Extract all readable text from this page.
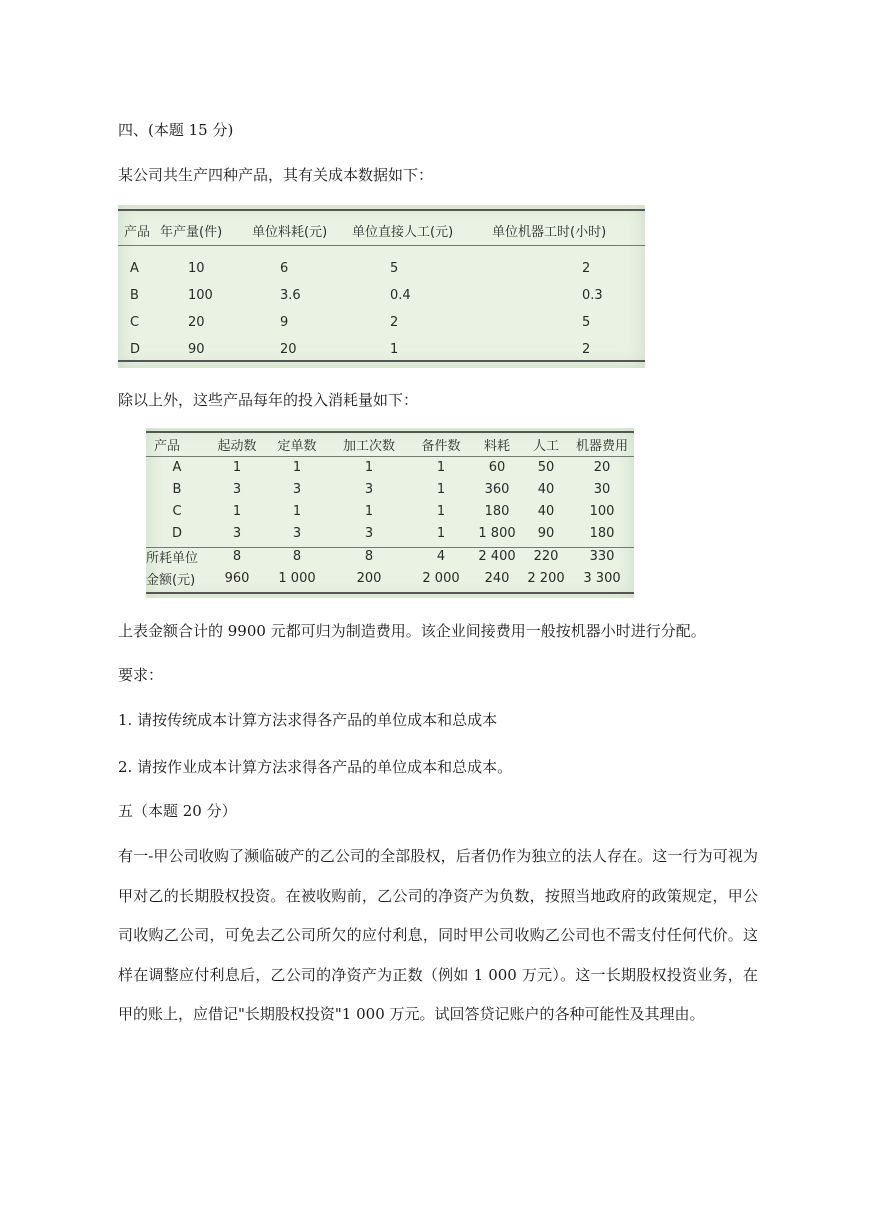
四、(本题 15 分)
某公司共生产四种产品，其有关成本数据如下：
产品	年产量(件)	单位料耗(元)	单位直接人工(元)	单位机器工时(小时)

A	10	6	5	2
B	100	3.6	0.4	0.3
C	20	9	2	5
D	90	20	1	2
除以上外，这些产品每年的投入消耗量如下：
产品	起动数	定单数	加工次数	备件数	料耗	人工	机器费用
A	1	1	1	1	60	50	20
B	3	3	3	1	360	40	30
C	1	1	1	1	180	40	100
D	3	3	3	1	1 800	90	180
所耗单位	8	8	8	4	2 400	220	330
金额(元)	960	1 000	200	2 000	240	2 200	3 300
上表金额合计的 9900 元都可归为制造费用。该企业间接费用一般按机器小时进行分配。
要求：
1. 请按传统成本计算方法求得各产品的单位成本和总成本
2. 请按作业成本计算方法求得各产品的单位成本和总成本。
五（本题 20 分）
有一-甲公司收购了濒临破产的乙公司的全部股权，后者仍作为独立的法人存在。这一行为可视为甲对乙的长期股权投资。在被收购前，乙公司的净资产为负数，按照当地政府的政策规定，甲公司收购乙公司，可免去乙公司所欠的应付利息，同时甲公司收购乙公司也不需支付任何代价。这样在调整应付利息后，乙公司的净资产为正数（例如 1 000 万元）。这一长期股权投资业务，在甲的账上，应借记"长期股权投资"1 000 万元。试回答贷记账户的各种可能性及其理由。
